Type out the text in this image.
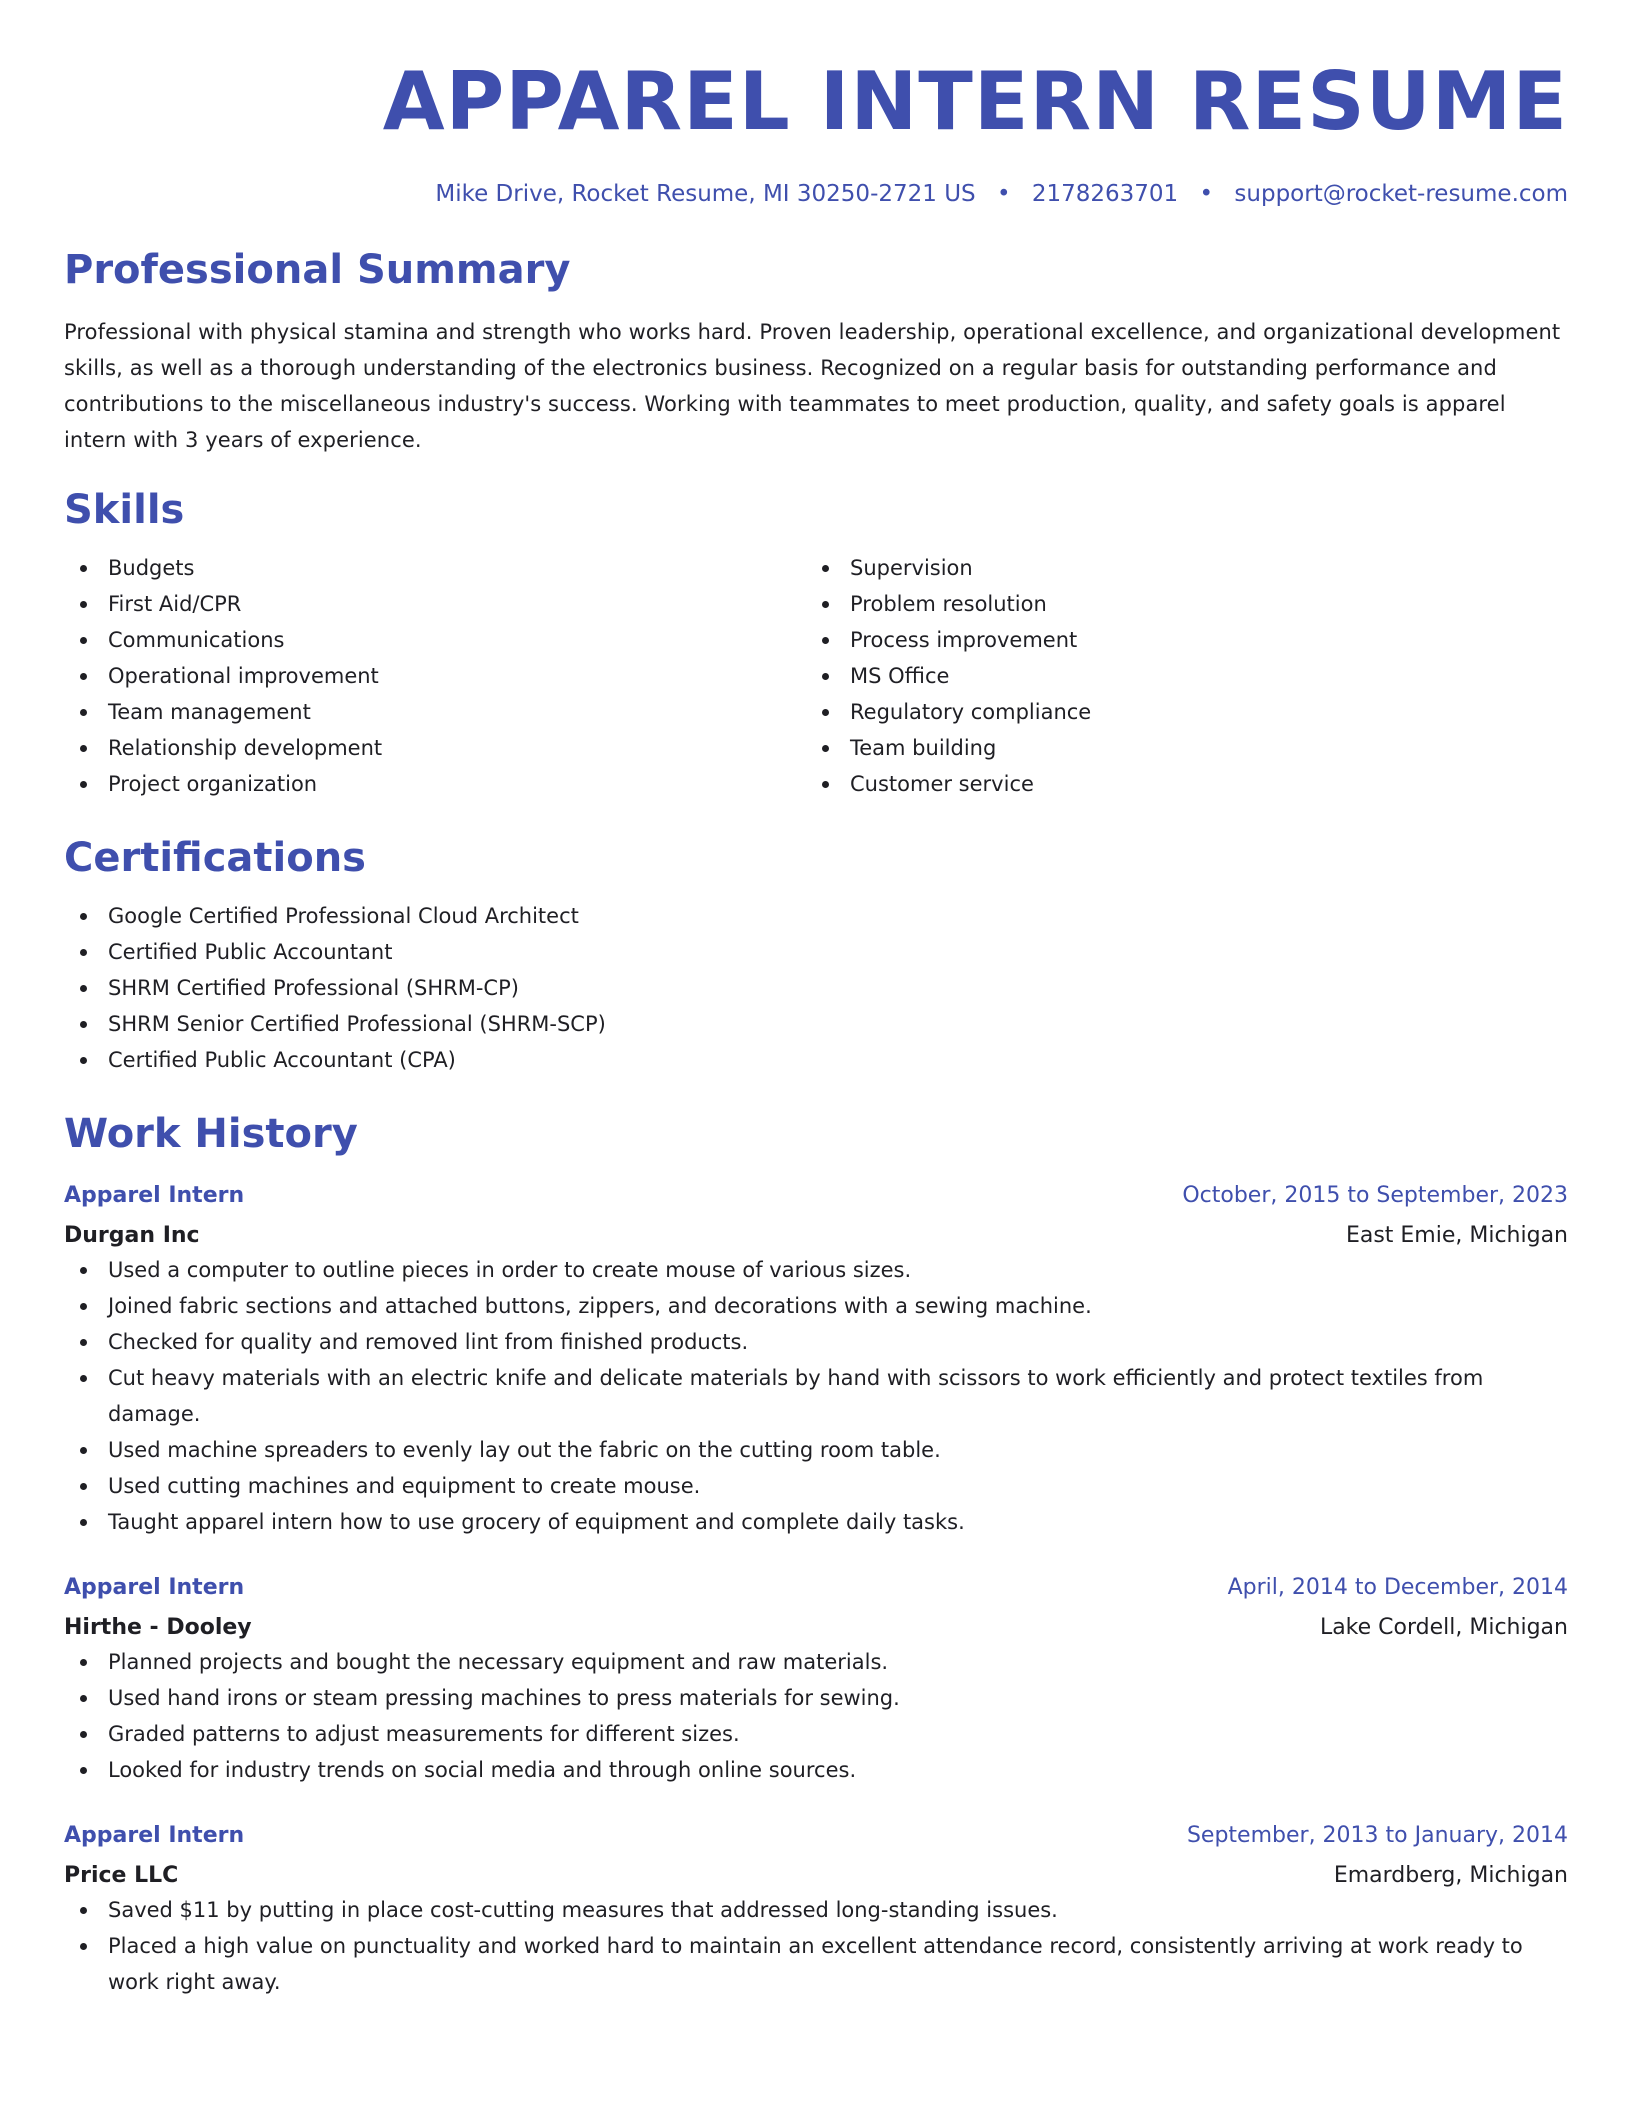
APPAREL INTERN RESUME
Mike Drive, Rocket Resume, MI 30250-2721 US • 2178263701 • support@rocket-resume.com
Professional Summary

Professional with physical stamina and strength who works hard. Proven leadership, operational excellence, and organizational development skills, as well as a thorough understanding of the electronics business. Recognized on a regular basis for outstanding performance and contributions to the miscellaneous industry's success. Working with teammates to meet production, quality, and safety goals is apparel intern with 3 years of experience.

Skills
Budgets
First Aid/CPR
Communications
Operational improvement
Team management
Relationship development
Project organization
Supervision
Problem resolution
Process improvement
MS Office
Regulatory compliance
Team building
Customer service
Certifications
Google Certified Professional Cloud Architect
Certified Public Accountant
SHRM Certified Professional (SHRM-CP)
SHRM Senior Certified Professional (SHRM-SCP)
Certified Public Accountant (CPA)
Work History
Apparel Intern	October, 2015 to September, 2023
Durgan Inc	East Emie, Michigan
Used a computer to outline pieces in order to create mouse of various sizes.
Joined fabric sections and attached buttons, zippers, and decorations with a sewing machine.
Checked for quality and removed lint from finished products.
Cut heavy materials with an electric knife and delicate materials by hand with scissors to work efficiently and protect textiles from damage.
Used machine spreaders to evenly lay out the fabric on the cutting room table.
Used cutting machines and equipment to create mouse.
Taught apparel intern how to use grocery of equipment and complete daily tasks.
Apparel Intern	April, 2014 to December, 2014
Hirthe - Dooley	Lake Cordell, Michigan
Planned projects and bought the necessary equipment and raw materials.
Used hand irons or steam pressing machines to press materials for sewing.
Graded patterns to adjust measurements for different sizes.
Looked for industry trends on social media and through online sources.
Apparel Intern	September, 2013 to January, 2014
Price LLC	Emardberg, Michigan
Saved $11 by putting in place cost-cutting measures that addressed long-standing issues.
Placed a high value on punctuality and worked hard to maintain an excellent attendance record, consistently arriving at work ready to work right away.
